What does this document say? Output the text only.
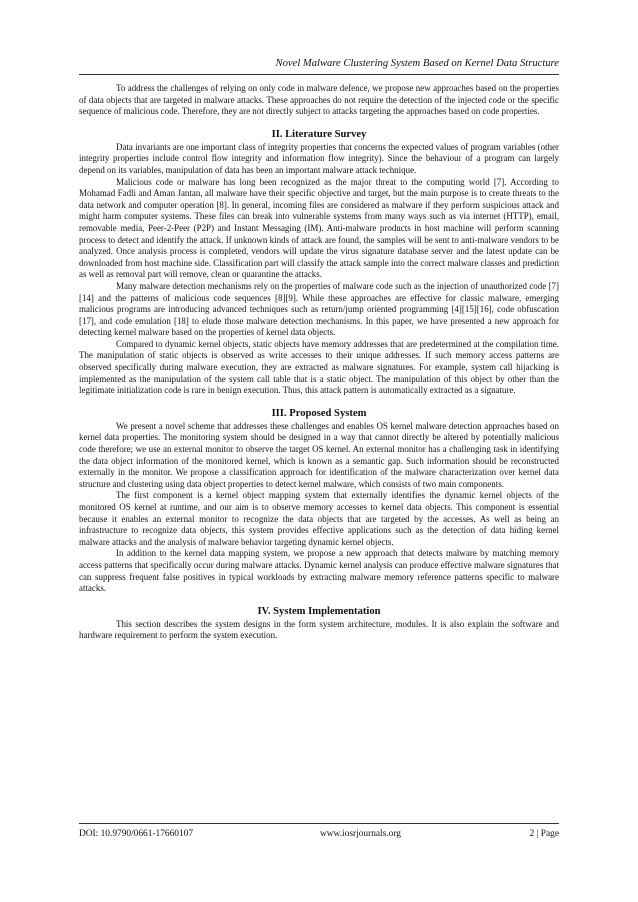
Novel Malware Clustering System Based on Kernel Data Structure

To address the challenges of relying on only code in malware defence, we propose new approaches based on the properties of data objects that are targeted in malware attacks. These approaches do not require the detection of the injected code or the specific sequence of malicious code. Therefore, they are not directly subject to attacks targeting the approaches based on code properties.

II. Literature Survey

Data invariants are one important class of integrity properties that concerns the expected values of program variables (other integrity properties include control flow integrity and information flow integrity). Since the behaviour of a program can largely depend on its variables, manipulation of data has been an important malware attack technique.

Malicious code or malware has long been recognized as the major threat to the computing world [7]. According to Mohamad Fadli and Aman Jantan, all malware have their specific objective and target, but the main purpose is to create threats to the data network and computer operation [8]. In general, incoming files are considered as malware if they perform suspicious attack and might harm computer systems. These files can break into vulnerable systems from many ways such as via internet (HTTP), email, removable media, Peer-2-Peer (P2P) and Instant Messaging (IM). Anti-malware products in host machine will perform scanning process to detect and identify the attack. If unknown kinds of attack are found, the samples will be sent to anti-malware vendors to be analyzed. Once analysis process is completed, vendors will update the virus signature database server and the latest update can be downloaded from host machine side. Classification part will classify the attack sample into the correct malware classes and prediction as well as removal part will remove, clean or quarantine the attacks.

Many malware detection mechanisms rely on the properties of malware code such as the injection of unauthorized code [7][14] and the patterns of malicious code sequences [8][9]. While these approaches are effective for classic malware, emerging malicious programs are introducing advanced techniques such as return/jump oriented programming [4][15][16], code obfuscation [17], and code emulation [18] to elude those malware detection mechanisms. In this paper, we have presented a new approach for detecting kernel malware based on the properties of kernel data objects.

Compared to dynamic kernel objects, static objects have memory addresses that are predetermined at the compilation time. The manipulation of static objects is observed as write accesses to their unique addresses. If such memory access patterns are observed specifically during malware execution, they are extracted as malware signatures. For example, system call hijacking is implemented as the manipulation of the system call table that is a static object. The manipulation of this object by other than the legitimate initialization code is rare in benign execution. Thus, this attack pattern is automatically extracted as a signature.

III. Proposed System

We present a novel scheme that addresses these challenges and enables OS kernel malware detection approaches based on kernel data properties. The monitoring system should be designed in a way that cannot directly be altered by potentially malicious code therefore; we use an external monitor to observe the target OS kernel. An external monitor has a challenging task in identifying the data object information of the monitored kernel, which is known as a semantic gap. Such information should be reconstructed externally in the monitor. We propose a classification approach for identification of the malware characterization over kernel data structure and clustering using data object properties to detect kernel malware, which consists of two main components.

The first component is a kernel object mapping system that externally identifies the dynamic kernel objects of the monitored OS kernel at runtime, and our aim is to observe memory accesses to kernel data objects. This component is essential because it enables an external monitor to recognize the data objects that are targeted by the accesses. As well as being an infrastructure to recognize data objects, this system provides effective applications such as the detection of data hiding kernel malware attacks and the analysis of malware behavior targeting dynamic kernel objects.

In addition to the kernel data mapping system, we propose a new approach that detects malware by matching memory access patterns that specifically occur during malware attacks. Dynamic kernel analysis can produce effective malware signatures that can suppress frequent false positives in typical workloads by extracting malware memory reference patterns specific to malware attacks.

IV. System Implementation

This section describes the system designs in the form system architecture, modules. It is also explain the software and hardware requirement to perform the system execution.

DOI: 10.9790/0661-17660107	www.iosrjournals.org	2 | Page
